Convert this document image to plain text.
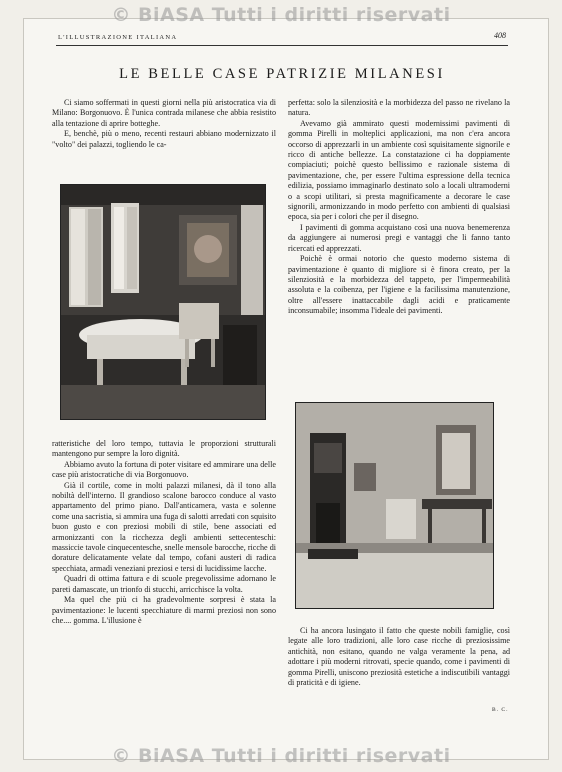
© BiASA Tutti i diritti riservati
L'ILLUSTRAZIONE ITALIANA	408
LE BELLE CASE PATRIZIE MILANESI

Ci siamo soffermati in questi giorni nella più aristocratica via di Milano: Borgonuovo. È l'unica contrada milanese che abbia resistito alla tentazione di aprire botteghe.

E, benchè, più o meno, recenti restauri abbiano modernizzato il "volto" dei palazzi, togliendo le ca-

ratteristiche del loro tempo, tuttavia le proporzioni strutturali mantengono pur sempre la loro dignità.

Abbiamo avuto la fortuna di poter visitare ed ammirare una delle case più aristocratiche di via Borgonuovo.

Già il cortile, come in molti palazzi milanesi, dà il tono alla nobiltà dell'interno. Il grandioso scalone barocco conduce al vasto appartamento del primo piano. Dall'anticamera, vasta e solenne come una sacristia, si ammira una fuga di salotti arredati con squisito buon gusto e con preziosi mobili di stile, bene associati ed armonizzanti con la ricchezza degli ambienti settecenteschi: massiccie tavole cinquecentesche, snelle mensole barocche, ricche di dorature delicatamente velate dal tempo, cofani austeri di radica specchiata, armadi veneziani preziosi e tersi di lucidissime lacche.

Quadri di ottima fattura e di scuole pregevolissime adornano le pareti damascate, un trionfo di stucchi, arricchisce la volta.

Ma quel che più ci ha gradevolmente sorpresi è stata la pavimentazione: le lucenti specchiature di marmi preziosi non sono che.... gomma. L'illusione è

perfetta: solo la silenziosità e la morbidezza del passo ne rivelano la natura.

Avevamo già ammirato questi modernissimi pavimenti di gomma Pirelli in molteplici applicazioni, ma non c'era ancora occorso di apprezzarli in un ambiente così squisitamente signorile e ricco di antiche bellezze. La constatazione ci ha doppiamente compiaciuti; poichè questo bellissimo e razionale sistema di pavimentazione, che, per essere l'ultima espressione della tecnica edilizia, possiamo immaginarlo destinato solo a locali ultramoderni o a scopi utilitari, si presta magnificamente a decorare le case signorili, armonizzando in modo perfetto con ambienti di qualsiasi epoca, sia per i colori che per il disegno.

I pavimenti di gomma acquistano così una nuova benemerenza da aggiungere ai numerosi pregi e vantaggi che li fanno tanto ricercati ed apprezzati.

Poichè è ormai notorio che questo moderno sistema di pavimentazione è quanto di migliore si è finora creato, per la silenziosità e la morbidezza del tappeto, per l'impermeabilità assoluta e la coibenza, per l'igiene e la facilissima manutenzione, oltre all'essere inattaccabile dagli acidi e praticamente inconsumabile; insomma l'ideale dei pavimenti.

Ci ha ancora lusingato il fatto che queste nobili famiglie, così legate alle loro tradizioni, alle loro case ricche di preziosissime antichità, non esitano, quando ne valga veramente la pena, ad adottare i più moderni ritrovati, specie quando, come i pavimenti di gomma Pirelli, uniscono preziosità estetiche a indiscutibili vantaggi di praticità e di igiene.

B. C.
© BiASA Tutti i diritti riservati
